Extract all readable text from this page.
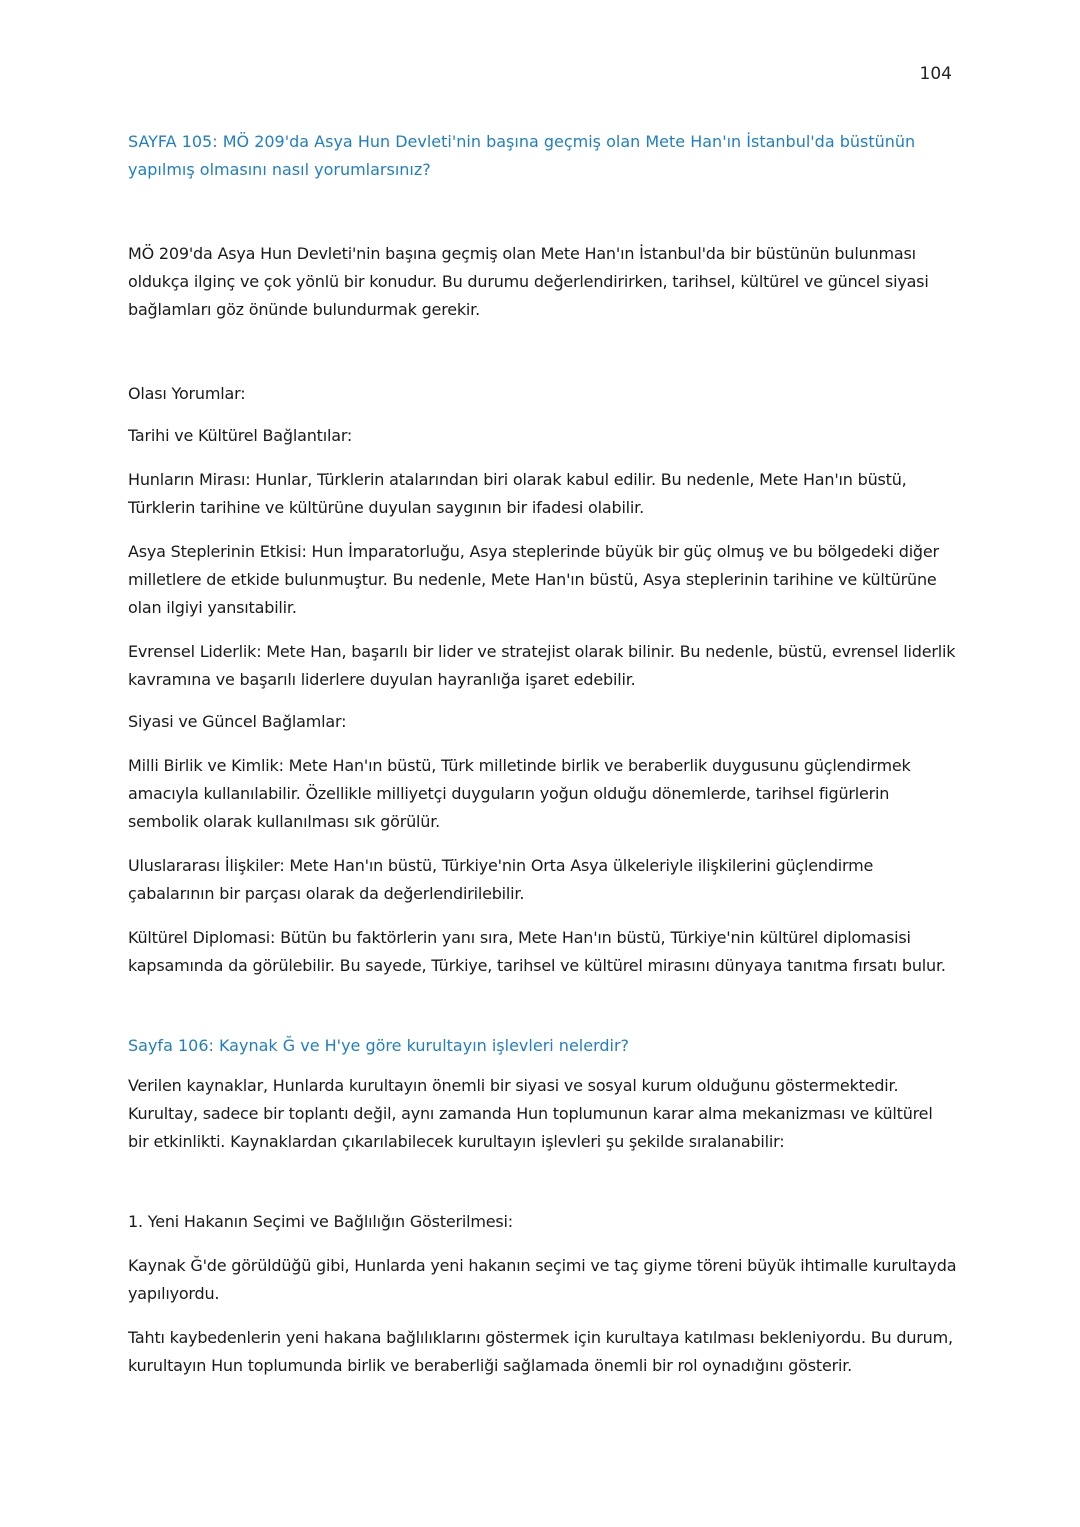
104
SAYFA 105: MÖ 209'da Asya Hun Devleti'nin başına geçmiş olan Mete Han'ın İstanbul'da büstünün yapılmış olmasını nasıl yorumlarsınız?

MÖ 209'da Asya Hun Devleti'nin başına geçmiş olan Mete Han'ın İstanbul'da bir büstünün bulunması oldukça ilginç ve çok yönlü bir konudur. Bu durumu değerlendirirken, tarihsel, kültürel ve güncel siyasi bağlamları göz önünde bulundurmak gerekir.

Olası Yorumlar:

Tarihi ve Kültürel Bağlantılar:

Hunların Mirası: Hunlar, Türklerin atalarından biri olarak kabul edilir. Bu nedenle, Mete Han'ın büstü, Türklerin tarihine ve kültürüne duyulan saygının bir ifadesi olabilir.

Asya Steplerinin Etkisi: Hun İmparatorluğu, Asya steplerinde büyük bir güç olmuş ve bu bölgedeki diğer milletlere de etkide bulunmuştur. Bu nedenle, Mete Han'ın büstü, Asya steplerinin tarihine ve kültürüne olan ilgiyi yansıtabilir.

Evrensel Liderlik: Mete Han, başarılı bir lider ve stratejist olarak bilinir. Bu nedenle, büstü, evrensel liderlik kavramına ve başarılı liderlere duyulan hayranlığa işaret edebilir.

Siyasi ve Güncel Bağlamlar:

Milli Birlik ve Kimlik: Mete Han'ın büstü, Türk milletinde birlik ve beraberlik duygusunu güçlendirmek amacıyla kullanılabilir. Özellikle milliyetçi duyguların yoğun olduğu dönemlerde, tarihsel figürlerin sembolik olarak kullanılması sık görülür.

Uluslararası İlişkiler: Mete Han'ın büstü, Türkiye'nin Orta Asya ülkeleriyle ilişkilerini güçlendirme çabalarının bir parçası olarak da değerlendirilebilir.

Kültürel Diplomasi: Bütün bu faktörlerin yanı sıra, Mete Han'ın büstü, Türkiye'nin kültürel diplomasisi kapsamında da görülebilir. Bu sayede, Türkiye, tarihsel ve kültürel mirasını dünyaya tanıtma fırsatı bulur.

Sayfa 106: Kaynak Ğ ve H'ye göre kurultayın işlevleri nelerdir?

Verilen kaynaklar, Hunlarda kurultayın önemli bir siyasi ve sosyal kurum olduğunu göstermektedir. Kurultay, sadece bir toplantı değil, aynı zamanda Hun toplumunun karar alma mekanizması ve kültürel bir etkinlikti. Kaynaklardan çıkarılabilecek kurultayın işlevleri şu şekilde sıralanabilir:

1. Yeni Hakanın Seçimi ve Bağlılığın Gösterilmesi:

Kaynak Ğ'de görüldüğü gibi, Hunlarda yeni hakanın seçimi ve taç giyme töreni büyük ihtimalle kurultayda yapılıyordu.

Tahtı kaybedenlerin yeni hakana bağlılıklarını göstermek için kurultaya katılması bekleniyordu. Bu durum, kurultayın Hun toplumunda birlik ve beraberliği sağlamada önemli bir rol oynadığını gösterir.
